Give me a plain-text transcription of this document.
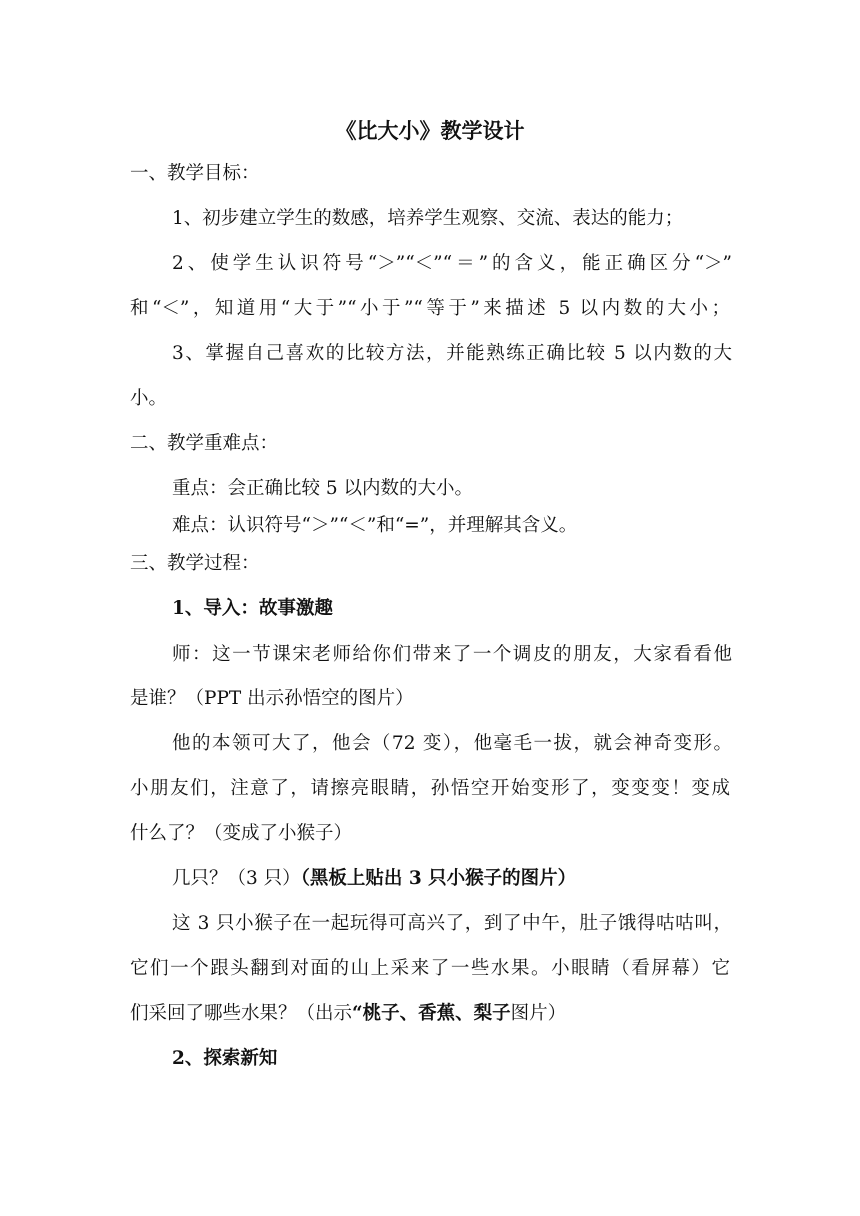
《比大小》教学设计
一、教学目标：
1、初步建立学生的数感，培养学生观察、交流、表达的能力；
2、使学生认识符号“＞”“＜”“＝”的含义，能正确区分“＞”
和“＜”，知道用“大于”“小于”“等于”来描述 5 以内数的大小；
3、掌握自己喜欢的比较方法，并能熟练正确比较 5 以内数的大
小。
二、教学重难点：
重点：会正确比较 5 以内数的大小。
难点：认识符号“＞”“＜”和“=”，并理解其含义。
三、教学过程：
1、导入：故事激趣
师：这一节课宋老师给你们带来了一个调皮的朋友，大家看看他
是谁？（PPT 出示孙悟空的图片）
他的本领可大了，他会（72 变），他毫毛一拔，就会神奇变形。
小朋友们，注意了，请擦亮眼睛，孙悟空开始变形了，变变变！变成
什么了？（变成了小猴子）
几只？（3 只）（黑板上贴出 3 只小猴子的图片）
这 3 只小猴子在一起玩得可高兴了，到了中午，肚子饿得咕咕叫，
它们一个跟头翻到对面的山上采来了一些水果。小眼睛（看屏幕）它
们采回了哪些水果？（出示“桃子、香蕉、梨子图片）
2、探索新知
